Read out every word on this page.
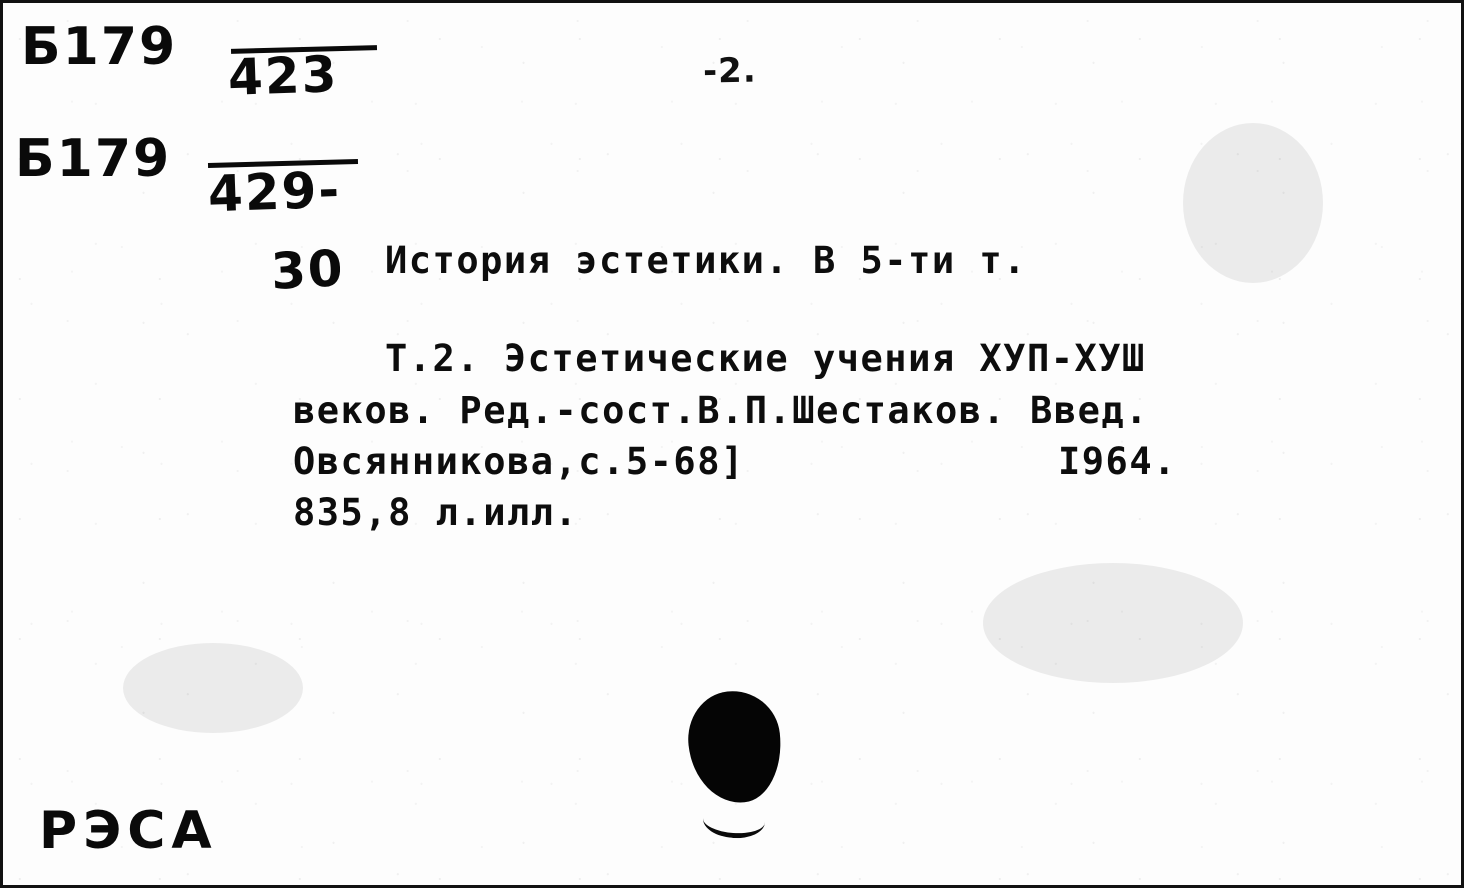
Б179 423
Б179
429-
30
-2.
История эстетики. В 5-ти т.
Т.2. Эстетические учения ХУП-ХУШ
веков. Ред.-сост.В.П.Шестаков. Введ.
Овсянникова,с.5-68]	I964.
835,8 л.илл.
РЭСА
